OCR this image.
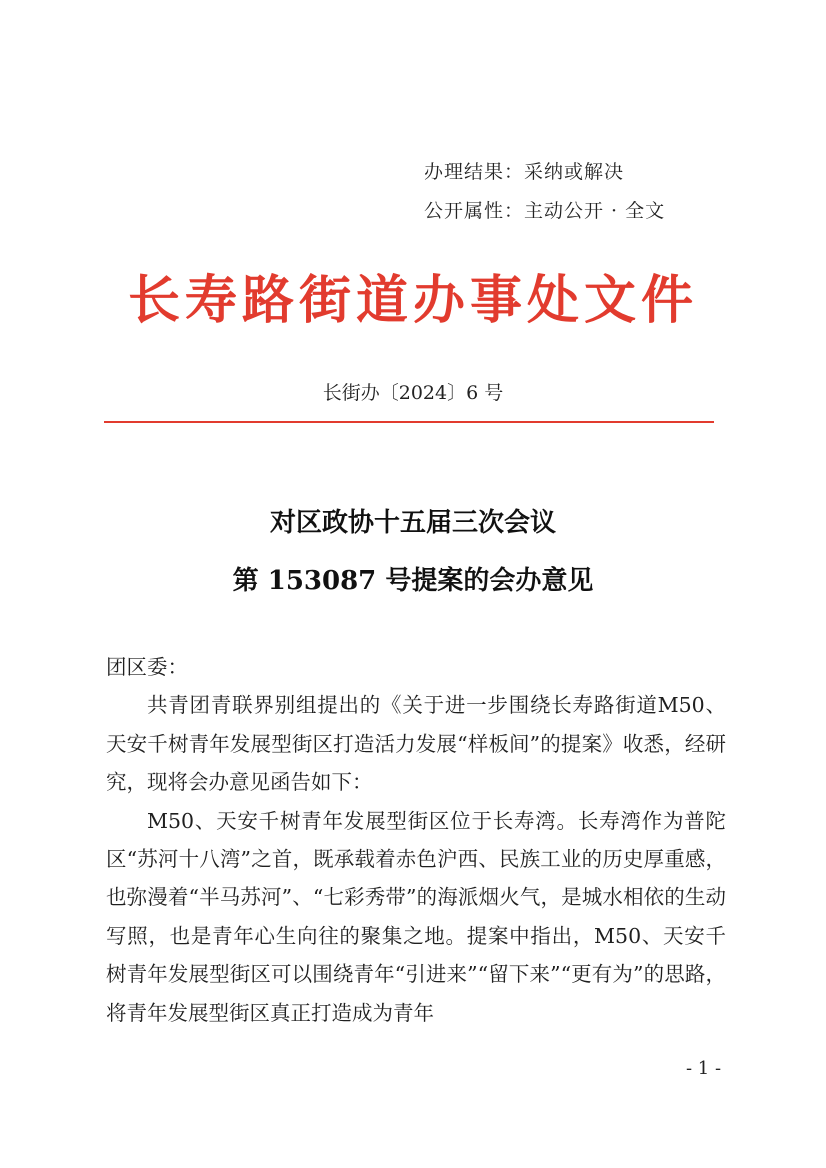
办理结果：采纳或解决
公开属性：主动公开 · 全文
长寿路街道办事处文件
长街办〔2024〕6 号
对区政协十五届三次会议
第 153087 号提案的会办意见

团区委：

共青团青联界别组提出的《关于进一步围绕长寿路街道M50、天安千树青年发展型街区打造活力发展“样板间”的提案》收悉，经研究，现将会办意见函告如下：

M50、天安千树青年发展型街区位于长寿湾。长寿湾作为普陀区“苏河十八湾”之首，既承载着赤色沪西、民族工业的历史厚重感，也弥漫着“半马苏河”、“七彩秀带”的海派烟火气，是城水相依的生动写照，也是青年心生向往的聚集之地。提案中指出，M50、天安千树青年发展型街区可以围绕青年“引进来”“留下来”“更有为”的思路，将青年发展型街区真正打造成为青年

- 1 -
